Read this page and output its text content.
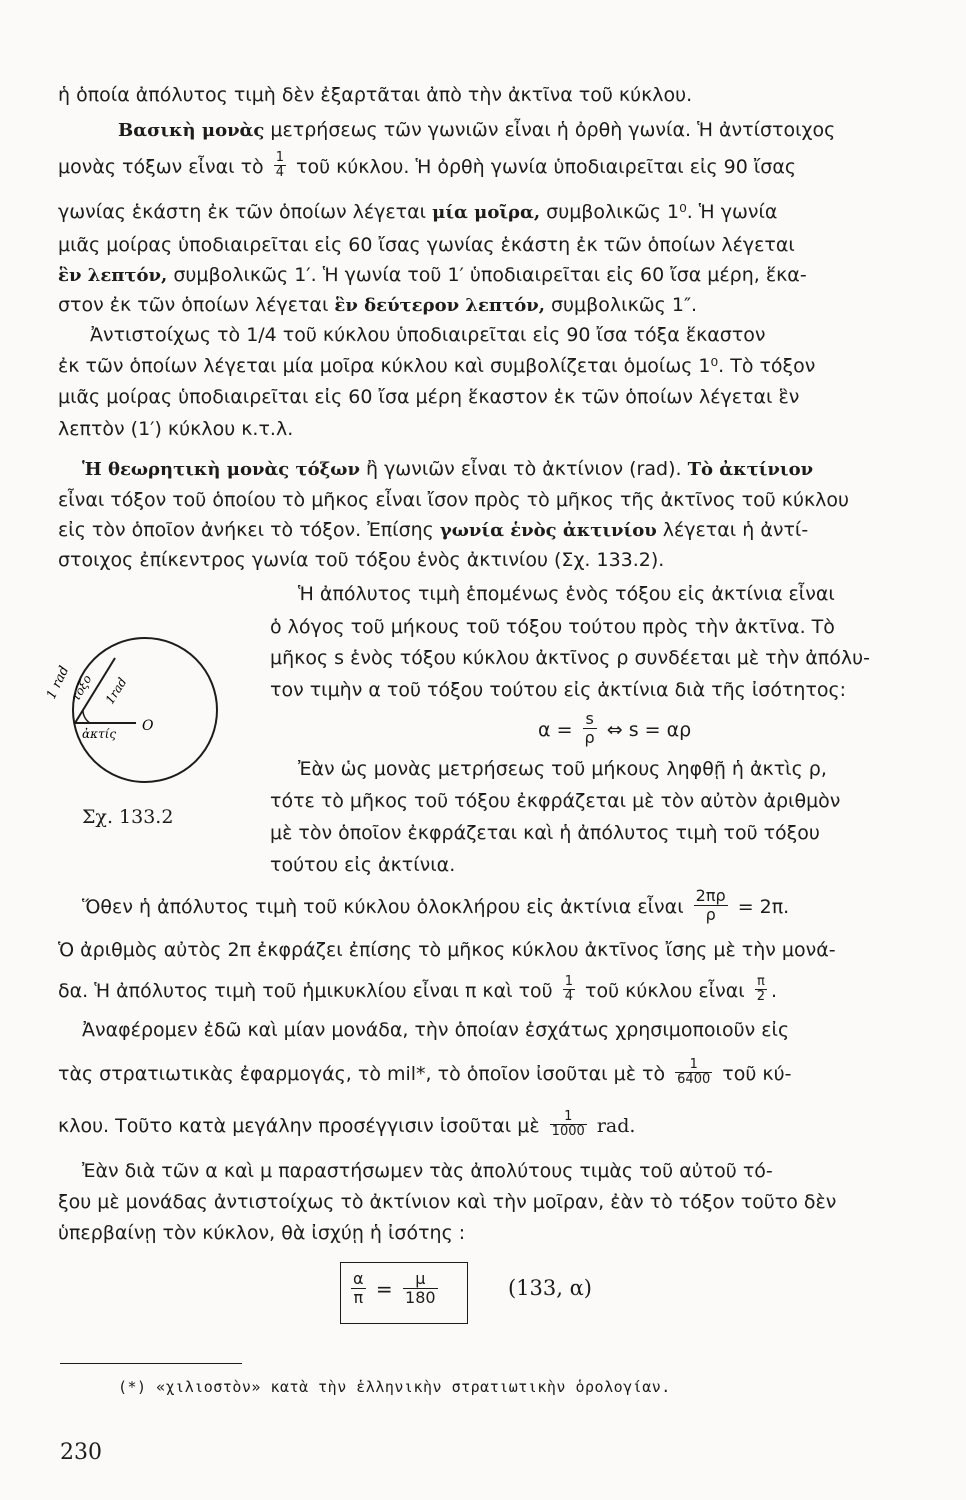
ἡ ὁποία ἀπόλυτος τιμὴ δὲν ἐξαρτᾶται ἀπὸ τὴν ἀκτῖνα τοῦ κύκλου.
Βασικὴ μονὰς μετρήσεως τῶν γωνιῶν εἶναι ἡ ὀρθὴ γωνία. Ἡ ἀντίστοιχος
μονὰς τόξων εἶναι τὸ $\frac{1}{4}$ τοῦ κύκλου. Ἡ ὀρθὴ γωνία ὑποδιαιρεῖται εἰς 90 ἴσας
γωνίας ἑκάστη ἐκ τῶν ὁποίων λέγεται μία μοῖρα, συμβολικῶς 1⁰. Ἡ γωνία
μιᾶς μοίρας ὑποδιαιρεῖται εἰς 60 ἴσας γωνίας ἑκάστη ἐκ τῶν ὁποίων λέγεται
ἓν λεπτόν, συμβολικῶς 1′. Ἡ γωνία τοῦ 1′ ὑποδιαιρεῖται εἰς 60 ἴσα μέρη, ἕκα-
στον ἐκ τῶν ὁποίων λέγεται ἓν δεύτερον λεπτόν, συμβολικῶς 1″.
Ἀντιστοίχως τὸ 1/4 τοῦ κύκλου ὑποδιαιρεῖται εἰς 90 ἴσα τόξα ἕκαστον
ἐκ τῶν ὁποίων λέγεται μία μοῖρα κύκλου καὶ συμβολίζεται ὁμοίως 1⁰. Τὸ τόξον
μιᾶς μοίρας ὑποδιαιρεῖται εἰς 60 ἴσα μέρη ἕκαστον ἐκ τῶν ὁποίων λέγεται ἓν
λεπτὸν (1′) κύκλου κ.τ.λ.
Ἡ θεωρητικὴ μονὰς τόξων ἢ γωνιῶν εἶναι τὸ ἀκτίνιον (rad). Τὸ ἀκτίνιον
εἶναι τόξον τοῦ ὁποίου τὸ μῆκος εἶναι ἴσον πρὸς τὸ μῆκος τῆς ἀκτῖνος τοῦ κύκλου
εἰς τὸν ὁποῖον ἀνήκει τὸ τόξον. Ἐπίσης γωνία ἑνὸς ἀκτινίου λέγεται ἡ ἀντί-
στοιχος ἐπίκεντρος γωνία τοῦ τόξου ἑνὸς ἀκτινίου (Σχ. 133.2).
Ἡ ἀπόλυτος τιμὴ ἑπομένως ἑνὸς τόξου εἰς ἀκτίνια εἶναι
ὁ λόγος τοῦ μήκους τοῦ τόξου τούτου πρὸς τὴν ἀκτῖνα. Τὸ
μῆκος s ἑνὸς τόξου κύκλου ἀκτῖνος ρ συνδέεται μὲ τὴν ἀπόλυ-
τον τιμὴν α τοῦ τόξου τούτου εἰς ἀκτίνια διὰ τῆς ἰσότητος:
$\alpha = \frac{s}{\rho}$ ⇔ s = αρ
Ἐὰν ὡς μονὰς μετρήσεως τοῦ μήκους ληφθῇ ἡ ἀκτὶς ρ,
τότε τὸ μῆκος τοῦ τόξου ἐκφράζεται μὲ τὸν αὐτὸν ἀριθμὸν
μὲ τὸν ὁποῖον ἐκφράζεται καὶ ἡ ἀπόλυτος τιμὴ τοῦ τόξου
τούτου εἰς ἀκτίνια.
1 rad
τόξο 1rad
ἀκτίς O
Σχ. 133.2
Ὅθεν ἡ ἀπόλυτος τιμὴ τοῦ κύκλου ὁλοκλήρου εἰς ἀκτίνια εἶναι $\frac{2\pi\rho}{\rho} = 2\pi$.
Ὁ ἀριθμὸς αὐτὸς 2π ἐκφράζει ἐπίσης τὸ μῆκος κύκλου ἀκτῖνος ἴσης μὲ τὴν μονά-
δα. Ἡ ἀπόλυτος τιμὴ τοῦ ἡμικυκλίου εἶναι π καὶ τοῦ $\frac{1}{4}$ τοῦ κύκλου εἶναι $\frac{\pi}{2}$ .
Ἀναφέρομεν ἐδῶ καὶ μίαν μονάδα, τὴν ὁποίαν ἐσχάτως χρησιμοποιοῦν εἰς
τὰς στρατιωτικὰς ἐφαρμογάς, τὸ mil*, τὸ ὁποῖον ἰσοῦται μὲ τὸ $\frac{1}{6400}$ τοῦ κύ-
κλου. Τοῦτο κατὰ μεγάλην προσέγγισιν ἰσοῦται μὲ $\frac{1}{1000}$ rad.
Ἐὰν διὰ τῶν α καὶ μ παραστήσωμεν τὰς ἀπολύτους τιμὰς τοῦ αὐτοῦ τό-
ξου μὲ μονάδας ἀντιστοίχως τὸ ἀκτίνιον καὶ τὴν μοῖραν, ἐὰν τὸ τόξον τοῦτο δὲν
ὑπερβαίνῃ τὸν κύκλον, θὰ ἰσχύῃ ἡ ἰσότης :
$\frac{\alpha}{\pi} = \frac{\mu}{180}$	(133, α)
(*) «χιλιοστὸν» κατὰ τὴν ἑλληνικὴν στρατιωτικὴν ὁρολογίαν.
230
